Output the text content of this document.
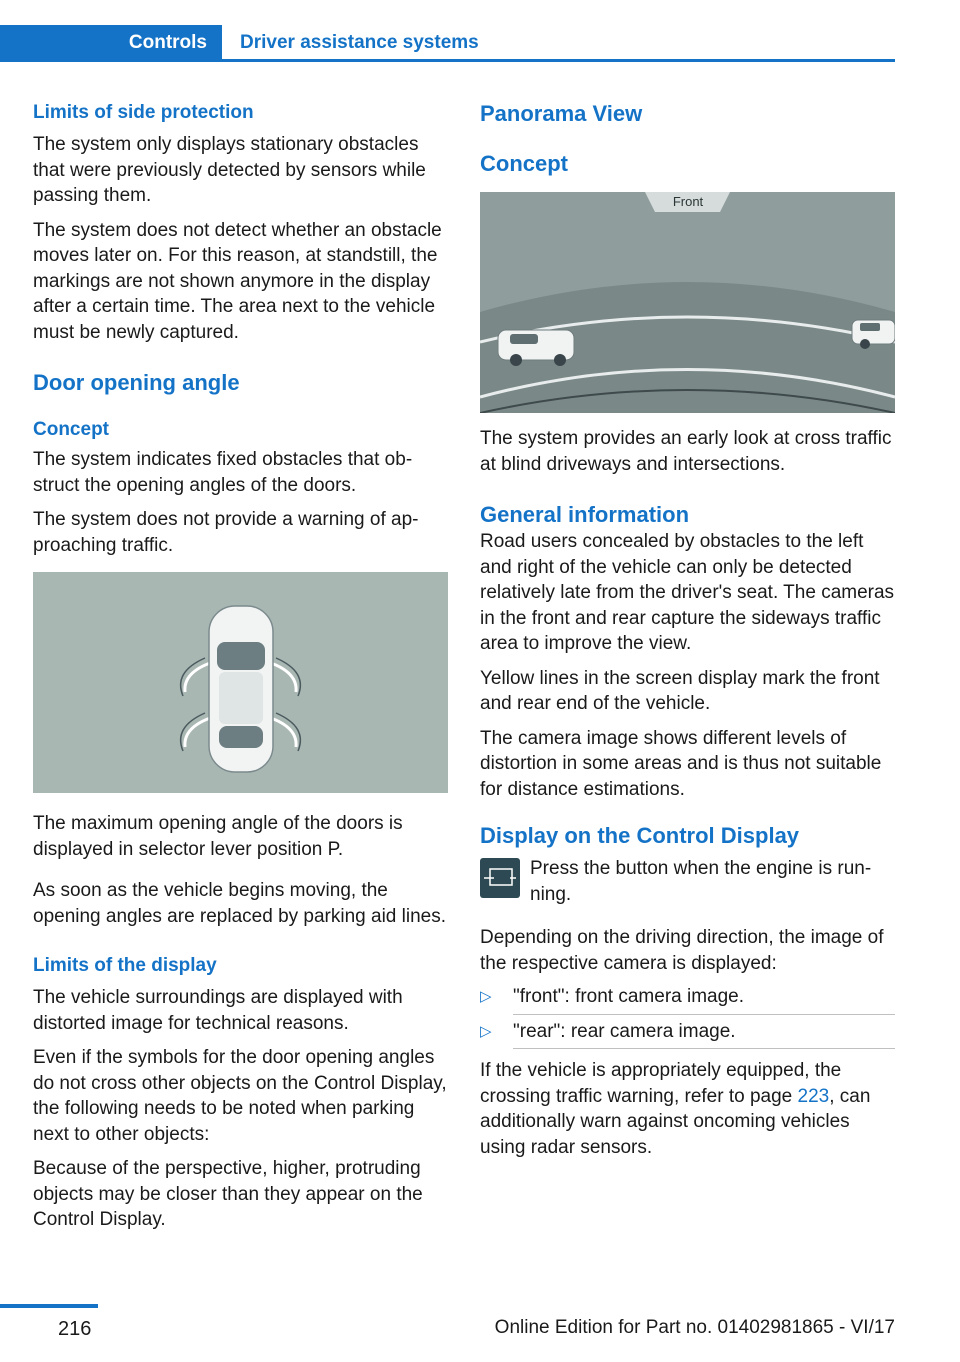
Controls Driver assistance systems
Limits of side protection

The system only displays stationary obstacles that were previously detected by sensors while passing them.

The system does not detect whether an obstacle moves later on. For this reason, at standstill, the markings are not shown anymore in the display after a certain time. The area next to the vehicle must be newly captured.

Door opening angle
Concept

The system indicates fixed obstacles that obstruct the opening angles of the doors.

The system does not provide a warning of approaching traffic.

The maximum opening angle of the doors is displayed in selector lever position P.

As soon as the vehicle begins moving, the opening angles are replaced by parking aid lines.

Limits of the display

The vehicle surroundings are displayed with distorted image for technical reasons.

Even if the symbols for the door opening angles do not cross other objects on the Control Display, the following needs to be noted when parking next to other objects:

Because of the perspective, higher, protruding objects may be closer than they appear on the Control Display.

Panorama View
Concept
Front

The system provides an early look at cross traffic at blind driveways and intersections.

General information

Road users concealed by obstacles to the left and right of the vehicle can only be detected relatively late from the driver's seat. The cameras in the front and rear capture the sideways traffic area to improve the view.

Yellow lines in the screen display mark the front and rear end of the vehicle.

The camera image shows different levels of distortion in some areas and is thus not suitable for distance estimations.

Display on the Control Display

Press the button when the engine is running.

Depending on the driving direction, the image of the respective camera is displayed:

▷ "front": front camera image.
▷ "rear": rear camera image.

If the vehicle is appropriately equipped, the crossing traffic warning, refer to page 223, can additionally warn against oncoming vehicles using radar sensors.

216	Online Edition for Part no. 01402981865 - VI/17
